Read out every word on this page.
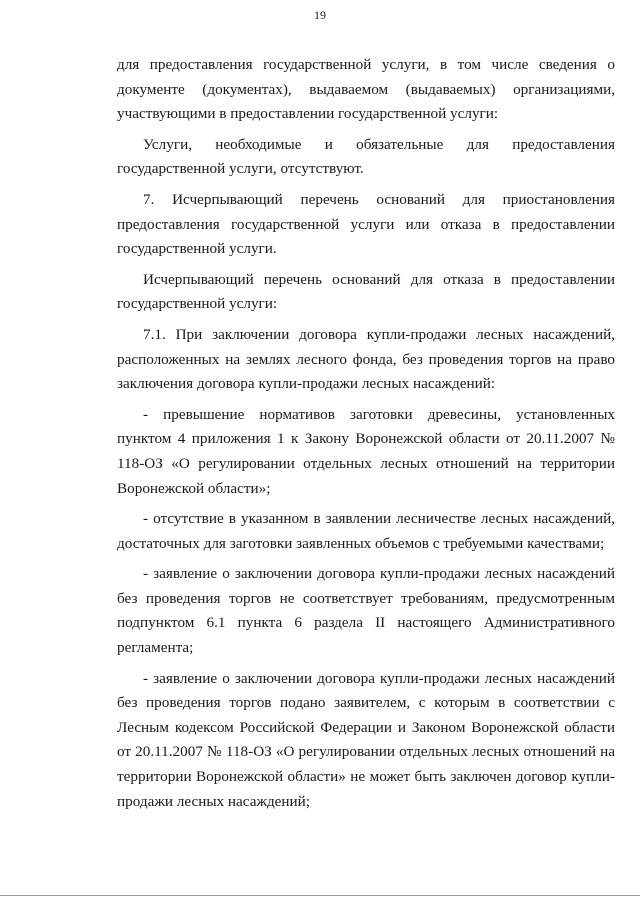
19

для предоставления государственной услуги, в том числе сведения о документе (документах), выдаваемом (выдаваемых) организациями, участвующими в предоставлении государственной услуги:

Услуги, необходимые и обязательные для предоставления государственной услуги, отсутствуют.

7. Исчерпывающий перечень оснований для приостановления предоставления государственной услуги или отказа в предоставлении государственной услуги.

Исчерпывающий перечень оснований для отказа в предоставлении государственной услуги:

7.1. При заключении договора купли-продажи лесных насаждений, расположенных на землях лесного фонда, без проведения торгов на право заключения договора купли-продажи лесных насаждений:

- превышение нормативов заготовки древесины, установленных пунктом 4 приложения 1 к Закону Воронежской области от 20.11.2007 № 118-ОЗ «О регулировании отдельных лесных отношений на территории Воронежской области»;

- отсутствие в указанном в заявлении лесничестве лесных насаждений, достаточных для заготовки заявленных объемов с требуемыми качествами;

- заявление о заключении договора купли-продажи лесных насаждений без проведения торгов не соответствует требованиям, предусмотренным подпунктом 6.1 пункта 6 раздела II настоящего Административного регламента;

- заявление о заключении договора купли-продажи лесных насаждений без проведения торгов подано заявителем, с которым в соответствии с Лесным кодексом Российской Федерации и Законом Воронежской области от 20.11.2007 № 118-ОЗ «О регулировании отдельных лесных отношений на территории Воронежской области» не может быть заключен договор купли-продажи лесных насаждений;
